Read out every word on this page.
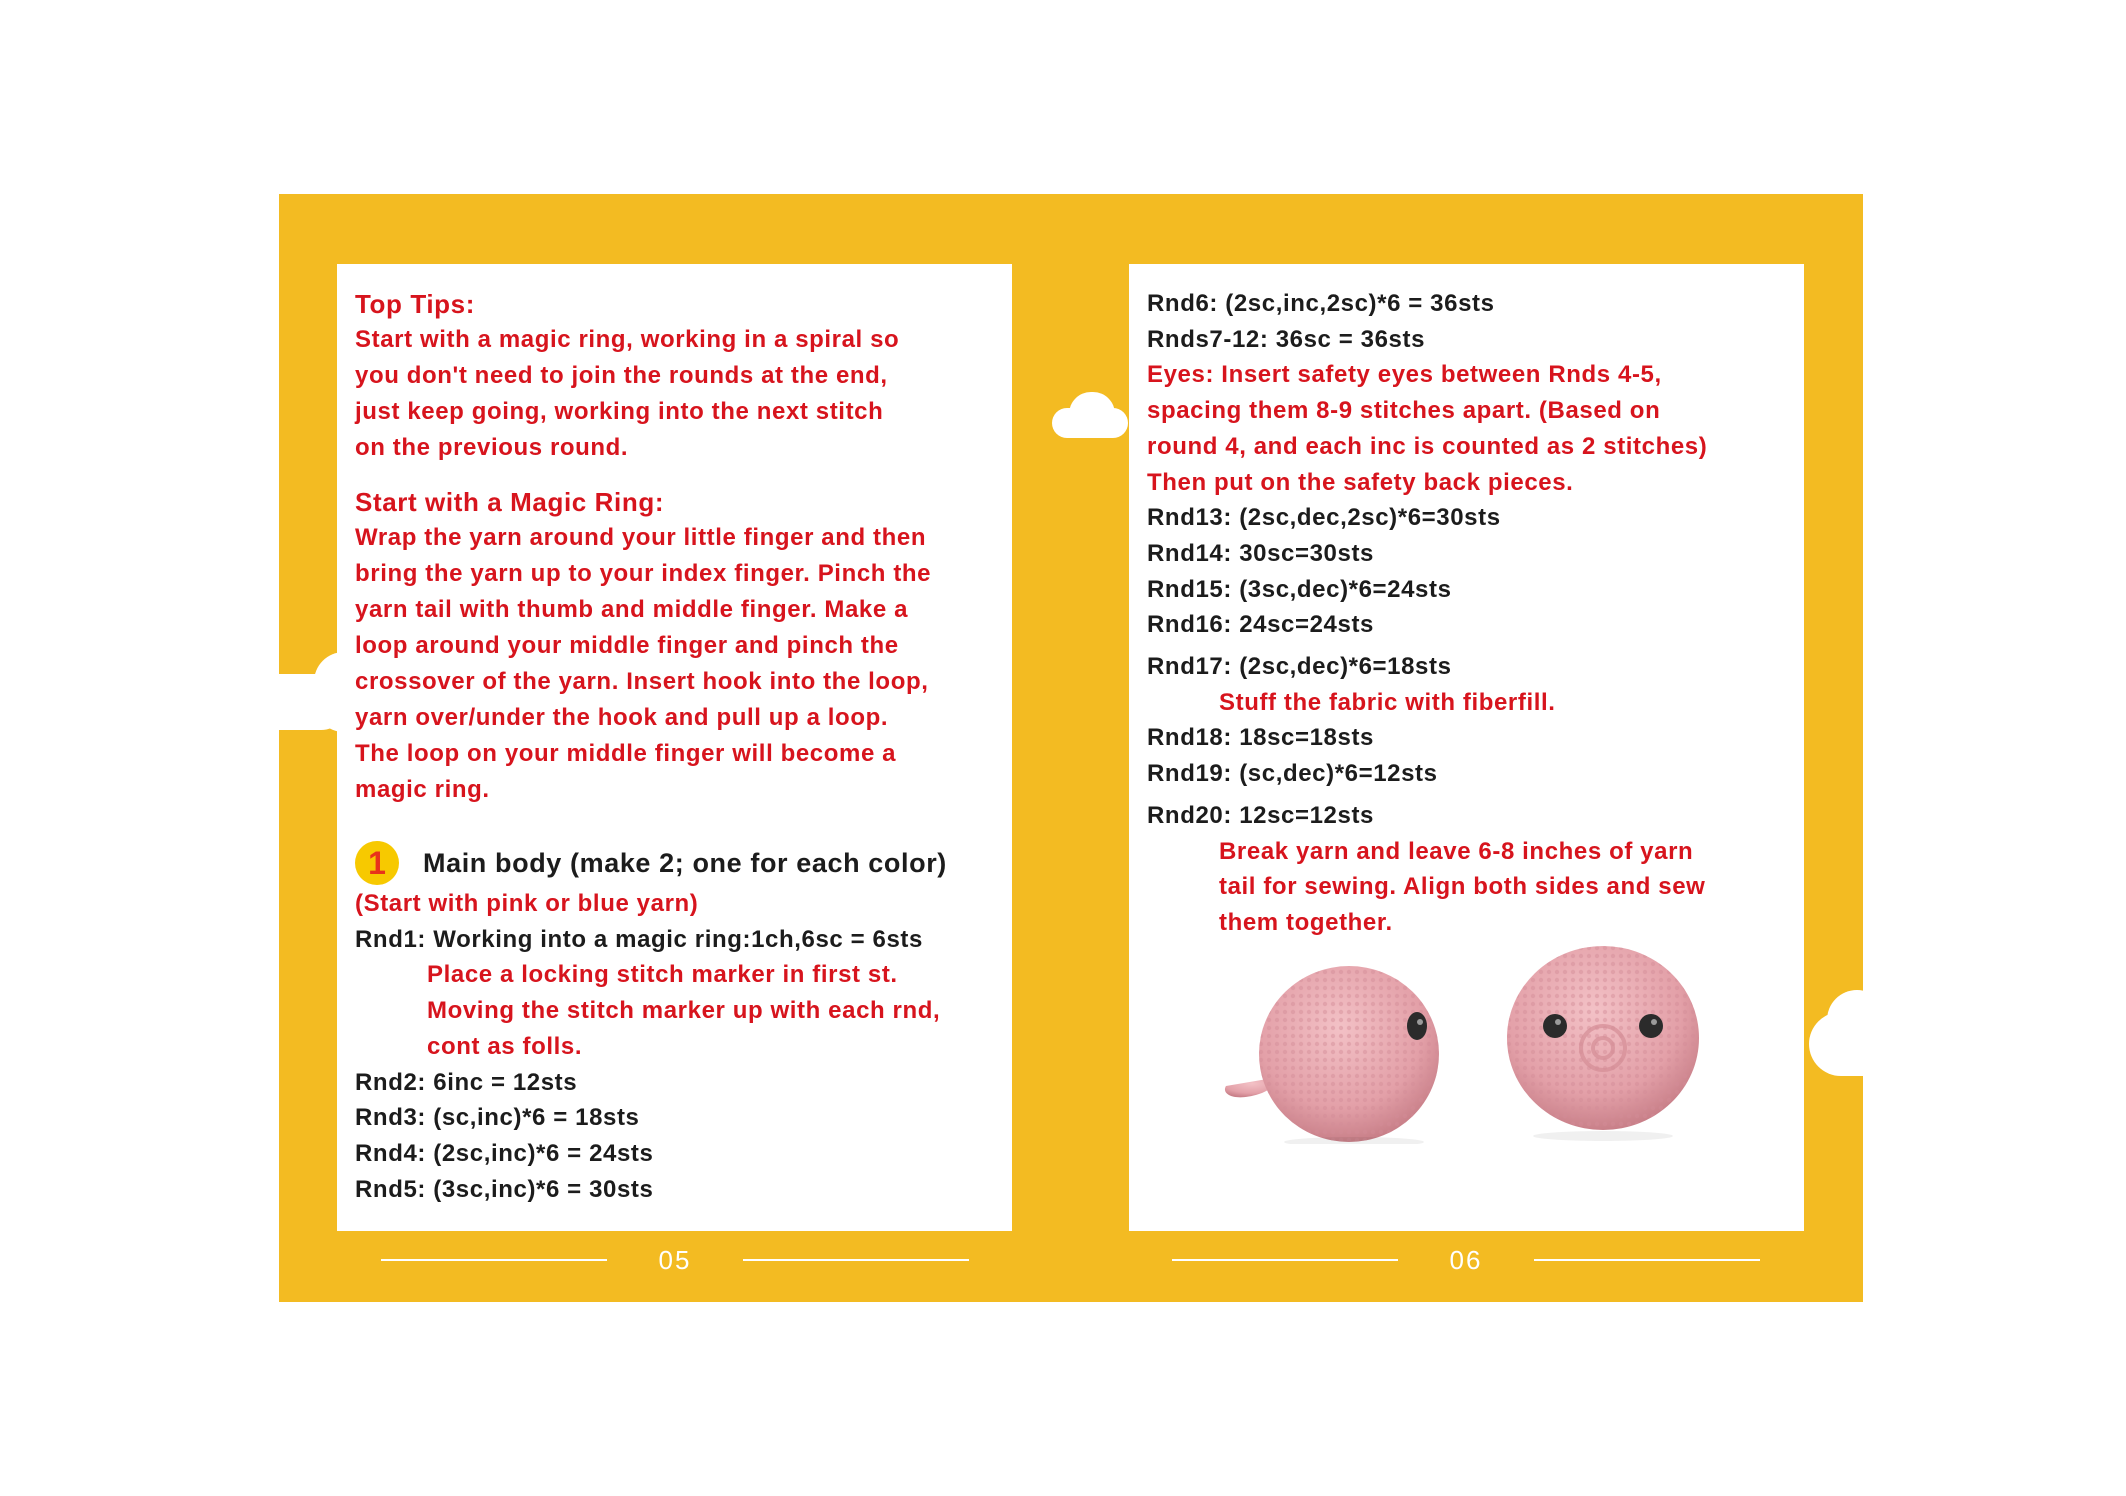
Top Tips:
Start with a magic ring, working in a spiral so
you don't need to join the rounds at the end,
just keep going, working into the next stitch
on the previous round.
Start with a Magic Ring:
Wrap the yarn around your little finger and then
bring the yarn up to your index finger. Pinch the
yarn tail with thumb and middle finger. Make a
loop around your middle finger and pinch the
crossover of the yarn. Insert hook into the loop,
yarn over/under the hook and pull up a loop.
The loop on your middle finger will become a
magic ring.
1	Main body (make 2; one for each color)
(Start with pink or blue yarn)
Rnd1: Working into a magic ring:1ch,6sc = 6sts
Place a locking stitch marker in first st.
Moving the stitch marker up with each rnd,
cont as folls.
Rnd2: 6inc = 12sts
Rnd3: (sc,inc)*6 = 18sts
Rnd4: (2sc,inc)*6 = 24sts
Rnd5: (3sc,inc)*6 = 30sts
Rnd6: (2sc,inc,2sc)*6 = 36sts
Rnds7-12: 36sc = 36sts
Eyes: Insert safety eyes between Rnds 4-5,
spacing them 8-9 stitches apart. (Based on
round 4, and each inc is counted as 2 stitches)
Then put on the safety back pieces.
Rnd13: (2sc,dec,2sc)*6=30sts
Rnd14: 30sc=30sts
Rnd15: (3sc,dec)*6=24sts
Rnd16: 24sc=24sts
Rnd17: (2sc,dec)*6=18sts
Stuff the fabric with fiberfill.
Rnd18: 18sc=18sts
Rnd19: (sc,dec)*6=12sts
Rnd20: 12sc=12sts
Break yarn and leave 6-8 inches of yarn
tail for sewing. Align both sides and sew
them together.
05	06
